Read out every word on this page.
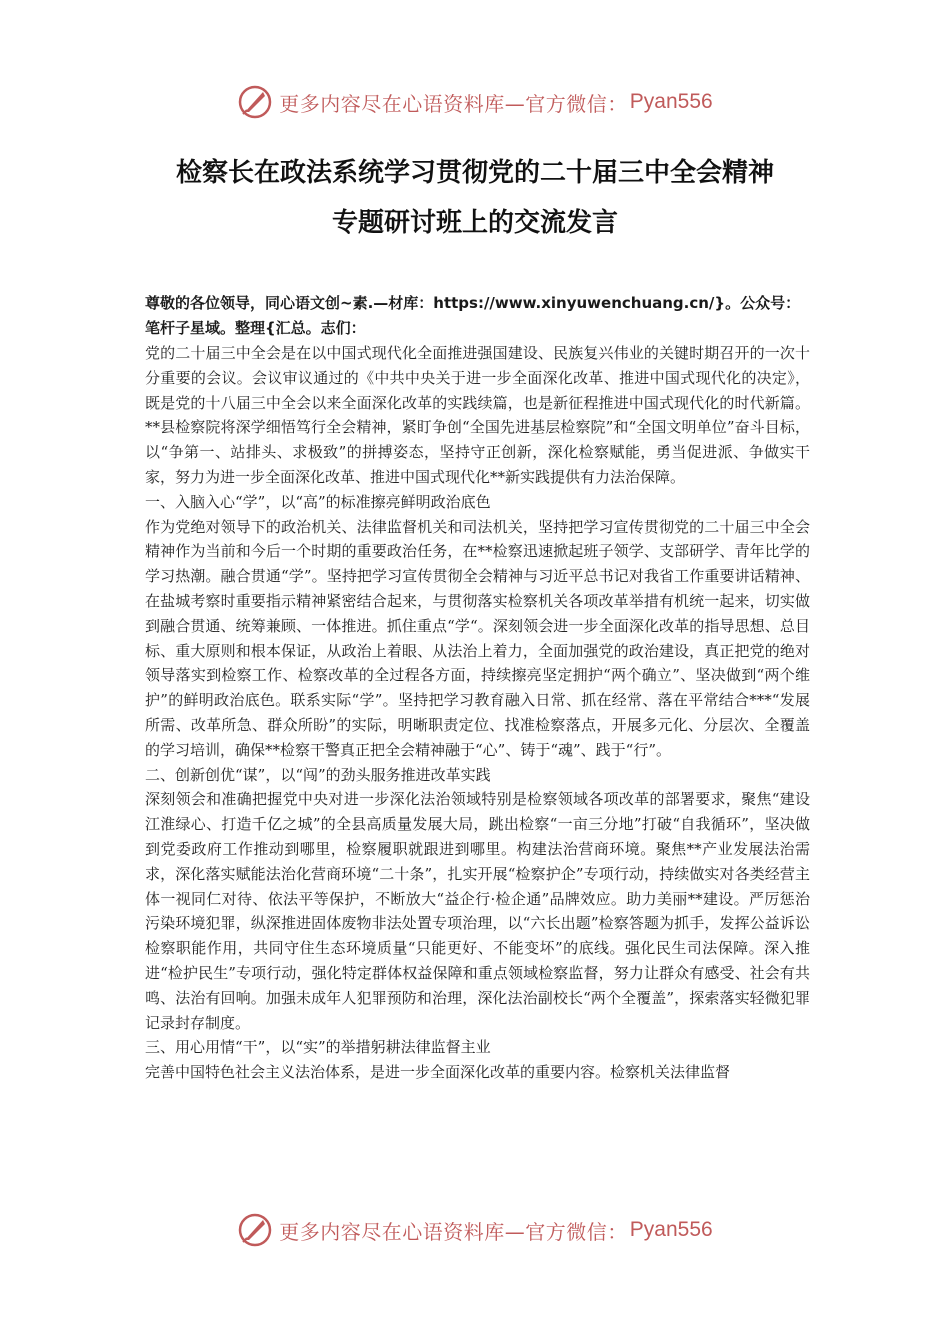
更多内容尽在心语资料库—官方微信： Pyan556
检察长在政法系统学习贯彻党的二十届三中全会精神
专题研讨班上的交流发言

尊敬的各位领导，同心语文创~素.—材库：https://www.xinyuwenchuang.cn/}。公众号：笔杆子星域。整理{汇总。志们：

党的二十届三中全会是在以中国式现代化全面推进强国建设、民族复兴伟业的关键时期召开的一次十分重要的会议。会议审议通过的《中共中央关于进一步全面深化改革、推进中国式现代化的决定》，既是党的十八届三中全会以来全面深化改革的实践续篇，也是新征程推进中国式现代化的时代新篇。**县检察院将深学细悟笃行全会精神，紧盯争创“全国先进基层检察院”和“全国文明单位”奋斗目标，以“争第一、站排头、求极致”的拼搏姿态，坚持守正创新，深化检察赋能，勇当促进派、争做实干家，努力为进一步全面深化改革、推进中国式现代化**新实践提供有力法治保障。

一、入脑入心“学”，以“高”的标准擦亮鲜明政治底色

作为党绝对领导下的政治机关、法律监督机关和司法机关，坚持把学习宣传贯彻党的二十届三中全会精神作为当前和今后一个时期的重要政治任务，在**检察迅速掀起班子领学、支部研学、青年比学的学习热潮。融合贯通“学”。坚持把学习宣传贯彻全会精神与习近平总书记对我省工作重要讲话精神、在盐城考察时重要指示精神紧密结合起来，与贯彻落实检察机关各项改革举措有机统一起来，切实做到融合贯通、统筹兼顾、一体推进。抓住重点“学“。深刻领会进一步全面深化改革的指导思想、总目标、重大原则和根本保证，从政治上着眼、从法治上着力，全面加强党的政治建设，真正把党的绝对领导落实到检察工作、检察改革的全过程各方面，持续擦亮坚定拥护“两个确立”、坚决做到“两个维护”的鲜明政治底色。联系实际“学”。坚持把学习教育融入日常、抓在经常、落在平常结合***“发展所需、改革所急、群众所盼”的实际，明晰职责定位、找准检察落点，开展多元化、分层次、全覆盖的学习培训，确保**检察干警真正把全会精神融于“心”、铸于“魂”、践于“行”。

二、创新创优“谋”，以“闯”的劲头服务推进改革实践

深刻领会和准确把握党中央对进一步深化法治领域特别是检察领域各项改革的部署要求，聚焦“建设江淮绿心、打造千亿之城”的全县高质量发展大局，跳出检察“一亩三分地”打破“自我循环”，坚决做到党委政府工作推动到哪里，检察履职就跟进到哪里。构建法治营商环境。聚焦**产业发展法治需求，深化落实赋能法治化营商环境“二十条”，扎实开展“检察护企”专项行动，持续做实对各类经营主体一视同仁对待、依法平等保护，不断放大“益企行·检企通”品牌效应。助力美丽**建设。严厉惩治污染环境犯罪，纵深推进固体废物非法处置专项治理，以“六长出题”检察答题为抓手，发挥公益诉讼检察职能作用，共同守住生态环境质量“只能更好、不能变坏”的底线。强化民生司法保障。深入推进“检护民生”专项行动，强化特定群体权益保障和重点领域检察监督，努力让群众有感受、社会有共鸣、法治有回响。加强未成年人犯罪预防和治理，深化法治副校长“两个全覆盖”，探索落实轻微犯罪记录封存制度。

三、用心用情“干”，以“实”的举措躬耕法律监督主业

完善中国特色社会主义法治体系，是进一步全面深化改革的重要内容。检察机关法律监督

更多内容尽在心语资料库—官方微信： Pyan556
